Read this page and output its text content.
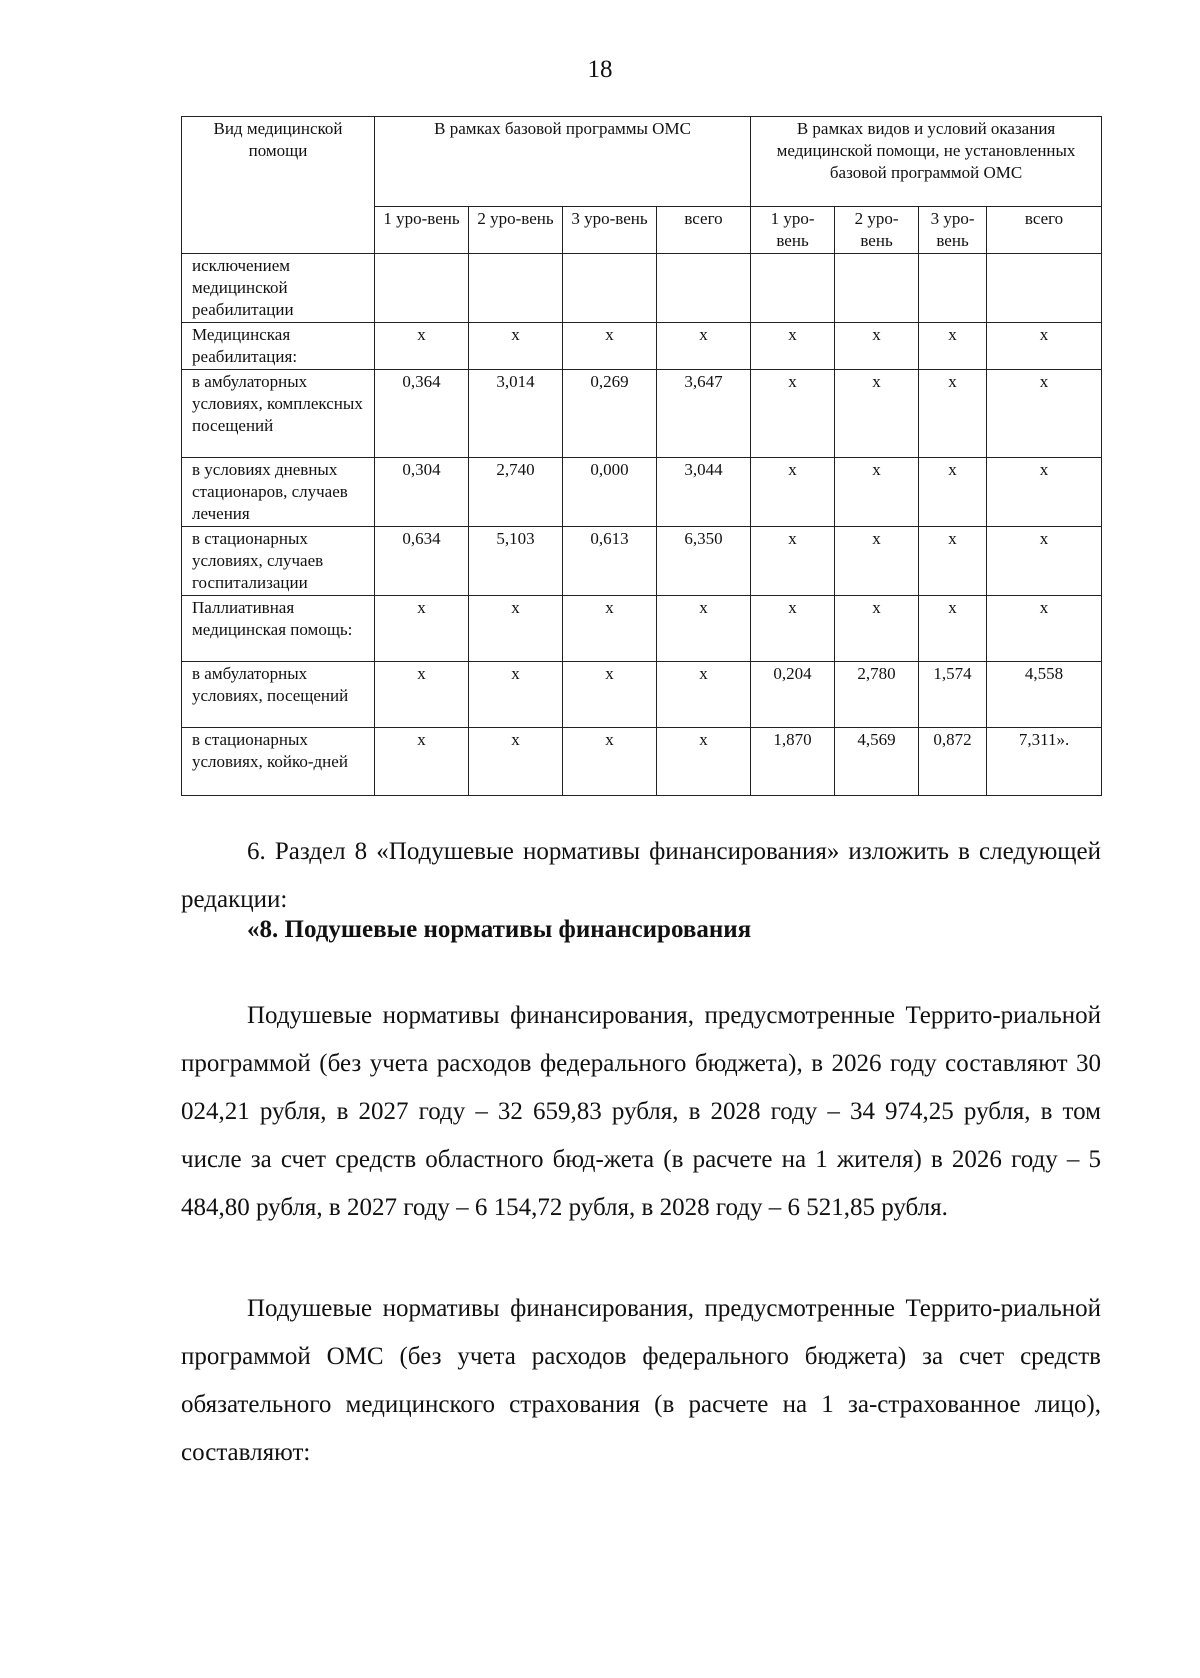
18
Вид медицинской помощи	В рамках базовой программы ОМС				В рамках видов и условий оказания медицинской помощи, не установленных базовой программой ОМС			
	1 уро-вень	2 уро-вень	3 уро-вень	всего	1 уро-вень	2 уро-вень	3 уро-вень	всего
исключением медицинской реабилитации								
Медицинская реабилитация:	х	х	х	х	х	х	х	х
в амбулаторных условиях, комплексных посещений	0,364	3,014	0,269	3,647	х	х	х	х
в условиях дневных стационаров, случаев лечения	0,304	2,740	0,000	3,044	х	х	х	х
в стационарных условиях, случаев госпитализации	0,634	5,103	0,613	6,350	х	х	х	х
Паллиативная медицинская помощь:	х	х	х	х	х	х	х	х
в амбулаторных условиях, посещений	х	х	х	х	0,204	2,780	1,574	4,558
в стационарных условиях, койко-дней	х	х	х	х	1,870	4,569	0,872	7,311».
6. Раздел 8 «Подушевые нормативы финансирования» изложить в следующей редакции:
«8. Подушевые нормативы финансирования
Подушевые нормативы финансирования, предусмотренные Террито-риальной программой (без учета расходов федерального бюджета), в 2026 году составляют 30 024,21 рубля, в 2027 году – 32 659,83 рубля, в 2028 году – 34 974,25 рубля, в том числе за счет средств областного бюд-жета (в расчете на 1 жителя) в 2026 году – 5 484,80 рубля, в 2027 году – 6 154,72 рубля, в 2028 году – 6 521,85 рубля.
Подушевые нормативы финансирования, предусмотренные Террито-риальной программой ОМС (без учета расходов федерального бюджета) за счет средств обязательного медицинского страхования (в расчете на 1 за-страхованное лицо), составляют:
